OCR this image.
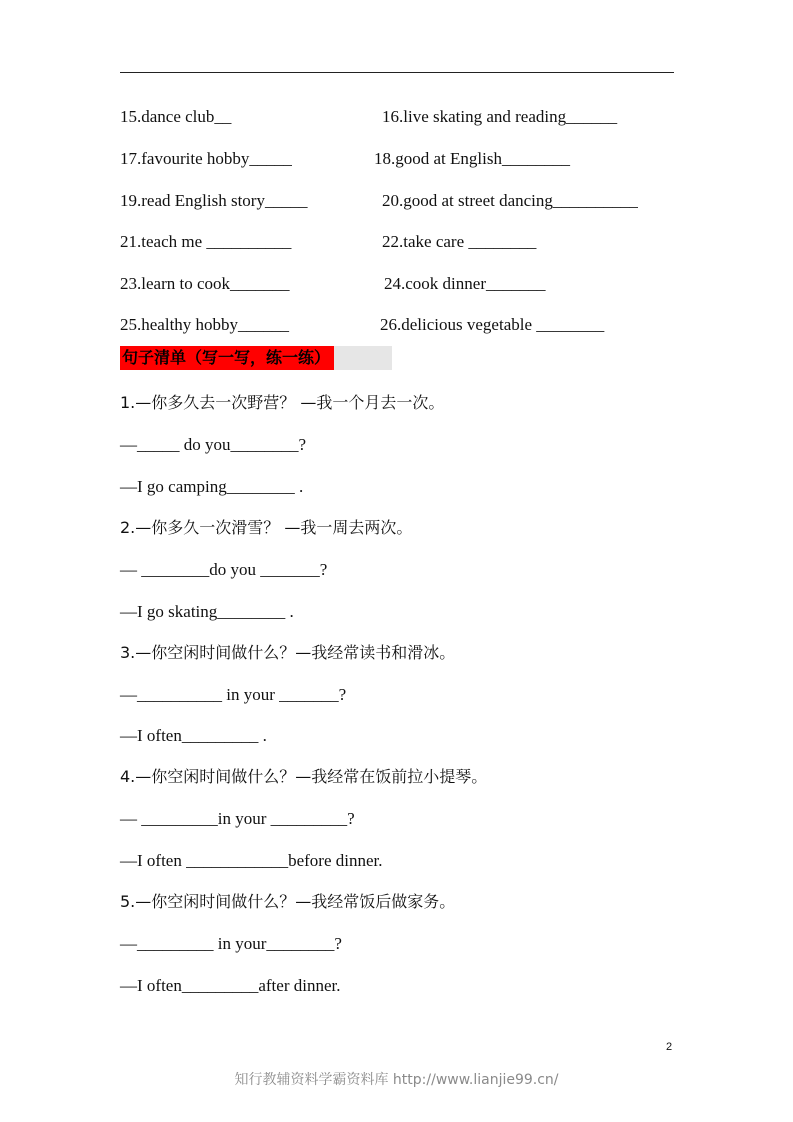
15.dance club__	16.live skating and reading______
17.favourite hobby_____	18.good at English________
19.read English story_____	20.good at street dancing__________
21.teach me __________	22.take care ________
23.learn to cook_______	24.cook dinner_______
25.healthy hobby______	26.delicious vegetable ________
句子清单（写一写，练一练）
1.—你多久去一次野营？ —我一个月去一次。
—_____ do you________?
—I go camping________ .
2.—你多久一次滑雪？ —我一周去两次。
— ________do you _______?
—I go skating________ .
3.—你空闲时间做什么？—我经常读书和滑冰。
—__________ in your _______?
—I often_________ .
4.—你空闲时间做什么？—我经常在饭前拉小提琴。
— _________in your _________?
—I often ____________before dinner.
5.—你空闲时间做什么？—我经常饭后做家务。
—_________ in your________?
—I often_________after dinner.
2
知行教辅资料学霸资料库 http://www.lianjie99.cn/
